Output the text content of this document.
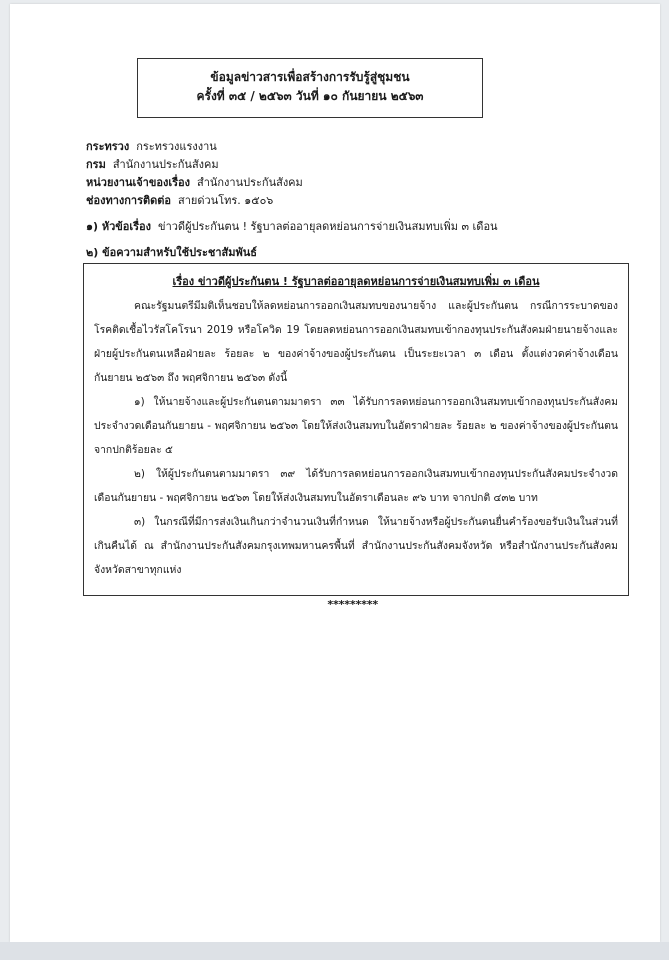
ข้อมูลข่าวสารเพื่อสร้างการรับรู้สู่ชุมชน
ครั้งที่ ๓๕ / ๒๕๖๓ วันที่ ๑๐ กันยายน ๒๕๖๓
กระทรวง กระทรวงแรงงาน
กรม สำนักงานประกันสังคม
หน่วยงานเจ้าของเรื่อง สำนักงานประกันสังคม
ช่องทางการติดต่อ สายด่วนโทร. ๑๕๐๖
๑) หัวข้อเรื่อง ข่าวดีผู้ประกันตน ! รัฐบาลต่ออายุลดหย่อนการจ่ายเงินสมทบเพิ่ม ๓ เดือน
๒) ข้อความสำหรับใช้ประชาสัมพันธ์
เรื่อง ข่าวดีผู้ประกันตน ! รัฐบาลต่ออายุลดหย่อนการจ่ายเงินสมทบเพิ่ม ๓ เดือน

คณะรัฐมนตรีมีมติเห็นชอบให้ลดหย่อนการออกเงินสมทบของนายจ้าง และผู้ประกันตน กรณีการระบาดของโรคติดเชื้อไวรัสโคโรนา 2019 หรือโควิด 19 โดยลดหย่อนการออกเงินสมทบเข้ากองทุนประกันสังคมฝ่ายนายจ้างและฝ่ายผู้ประกันตนเหลือฝ่ายละ ร้อยละ ๒ ของค่าจ้างของผู้ประกันตน เป็นระยะเวลา ๓ เดือน ตั้งแต่งวดค่าจ้างเดือน กันยายน ๒๕๖๓ ถึง พฤศจิกายน ๒๕๖๓ ดังนี้

๑) ให้นายจ้างและผู้ประกันตนตามมาตรา ๓๓ ได้รับการลดหย่อนการออกเงินสมทบเข้ากองทุนประกันสังคมประจำงวดเดือนกันยายน - พฤศจิกายน ๒๕๖๓ โดยให้ส่งเงินสมทบในอัตราฝ่ายละ ร้อยละ ๒ ของค่าจ้างของผู้ประกันตน จากปกติร้อยละ ๕

๒) ให้ผู้ประกันตนตามมาตรา ๓๙ ได้รับการลดหย่อนการออกเงินสมทบเข้ากองทุนประกันสังคมประจำงวดเดือนกันยายน - พฤศจิกายน ๒๕๖๓ โดยให้ส่งเงินสมทบในอัตราเดือนละ ๙๖ บาท จากปกติ ๔๓๒ บาท

๓) ในกรณีที่มีการส่งเงินเกินกว่าจำนวนเงินที่กำหนด ให้นายจ้างหรือผู้ประกันตนยื่นคำร้องขอรับเงินในส่วนที่เกินคืนได้ ณ สำนักงานประกันสังคมกรุงเทพมหานครพื้นที่ สำนักงานประกันสังคมจังหวัด หรือสำนักงานประกันสังคมจังหวัดสาขาทุกแห่ง

*********
